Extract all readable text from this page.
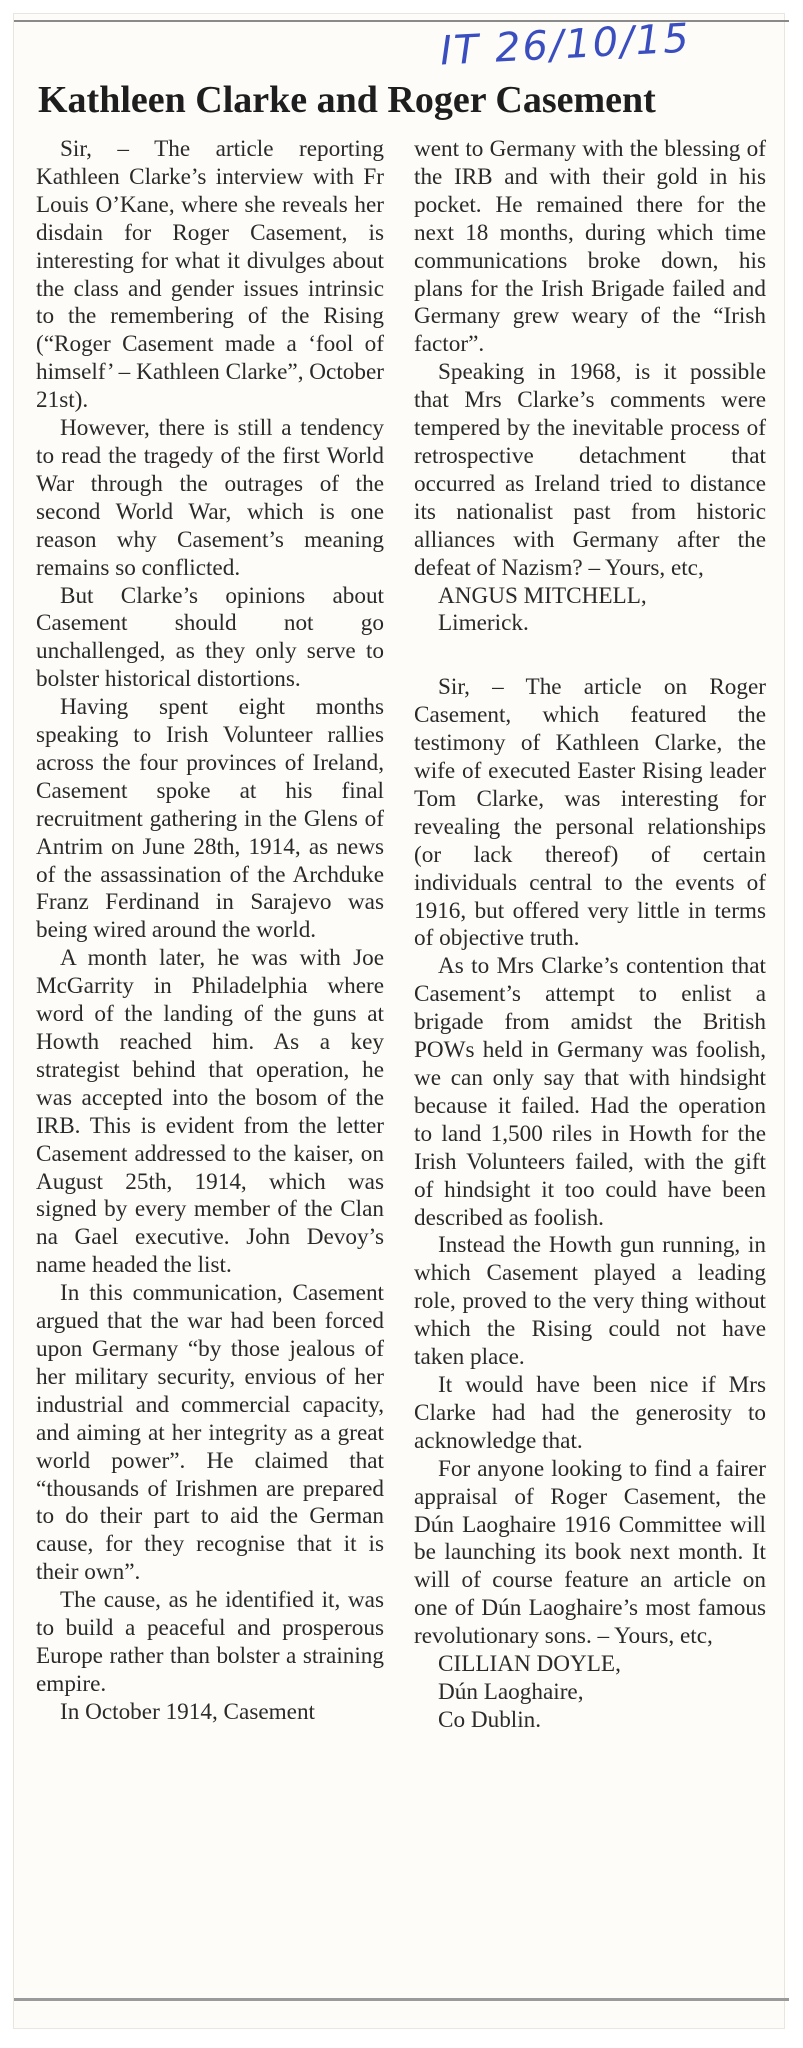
IT 26/10/15
Kathleen Clarke and Roger Casement

Sir, – The article reporting Kathleen Clarke’s interview with Fr Louis O’Kane, where she reveals her disdain for Roger Casement, is interesting for what it divulges about the class and gender issues intrinsic to the remembering of the Rising (“Roger Casement made a ‘fool of himself’ – Kathleen Clarke”, October 21st).

However, there is still a tendency to read the tragedy of the first World War through the outrages of the second World War, which is one reason why Casement’s meaning remains so conflicted.

But Clarke’s opinions about Casement should not go unchallenged, as they only serve to bolster historical distortions.

Having spent eight months speaking to Irish Volunteer rallies across the four provinces of Ireland, Casement spoke at his final recruitment gathering in the Glens of Antrim on June 28th, 1914, as news of the assassination of the Archduke Franz Ferdinand in Sarajevo was being wired around the world.

A month later, he was with Joe McGarrity in Philadelphia where word of the landing of the guns at Howth reached him. As a key strategist behind that operation, he was accepted into the bosom of the IRB. This is evident from the letter Casement addressed to the kaiser, on August 25th, 1914, which was signed by every member of the Clan na Gael executive. John Devoy’s name headed the list.

In this communication, Casement argued that the war had been forced upon Germany “by those jealous of her military security, envious of her industrial and commercial capacity, and aiming at her integrity as a great world power”. He claimed that “thousands of Irishmen are prepared to do their part to aid the German cause, for they recognise that it is their own”.

The cause, as he identified it, was to build a peaceful and prosperous Europe rather than bolster a straining empire.

In October 1914, Casement

went to Germany with the blessing of the IRB and with their gold in his pocket. He remained there for the next 18 months, during which time communications broke down, his plans for the Irish Brigade failed and Germany grew weary of the “Irish factor”.

Speaking in 1968, is it possible that Mrs Clarke’s comments were tempered by the inevitable process of retrospective detachment that occurred as Ireland tried to distance its nationalist past from historic alliances with Germany after the defeat of Nazism? – Yours, etc,

ANGUS MITCHELL,
Limerick.

Sir, – The article on Roger Casement, which featured the testimony of Kathleen Clarke, the wife of executed Easter Rising leader Tom Clarke, was interesting for revealing the personal relationships (or lack thereof) of certain individuals central to the events of 1916, but offered very little in terms of objective truth.

As to Mrs Clarke’s contention that Casement’s attempt to enlist a brigade from amidst the British POWs held in Germany was foolish, we can only say that with hindsight because it failed. Had the operation to land 1,500 riles in Howth for the Irish Volunteers failed, with the gift of hindsight it too could have been described as foolish.

Instead the Howth gun running, in which Casement played a leading role, proved to the very thing without which the Rising could not have taken place.

It would have been nice if Mrs Clarke had had the generosity to acknowledge that.

For anyone looking to find a fairer appraisal of Roger Casement, the Dún Laoghaire 1916 Committee will be launching its book next month. It will of course feature an article on one of Dún Laoghaire’s most famous revolutionary sons. – Yours, etc,

CILLIAN DOYLE,
Dún Laoghaire,
Co Dublin.
